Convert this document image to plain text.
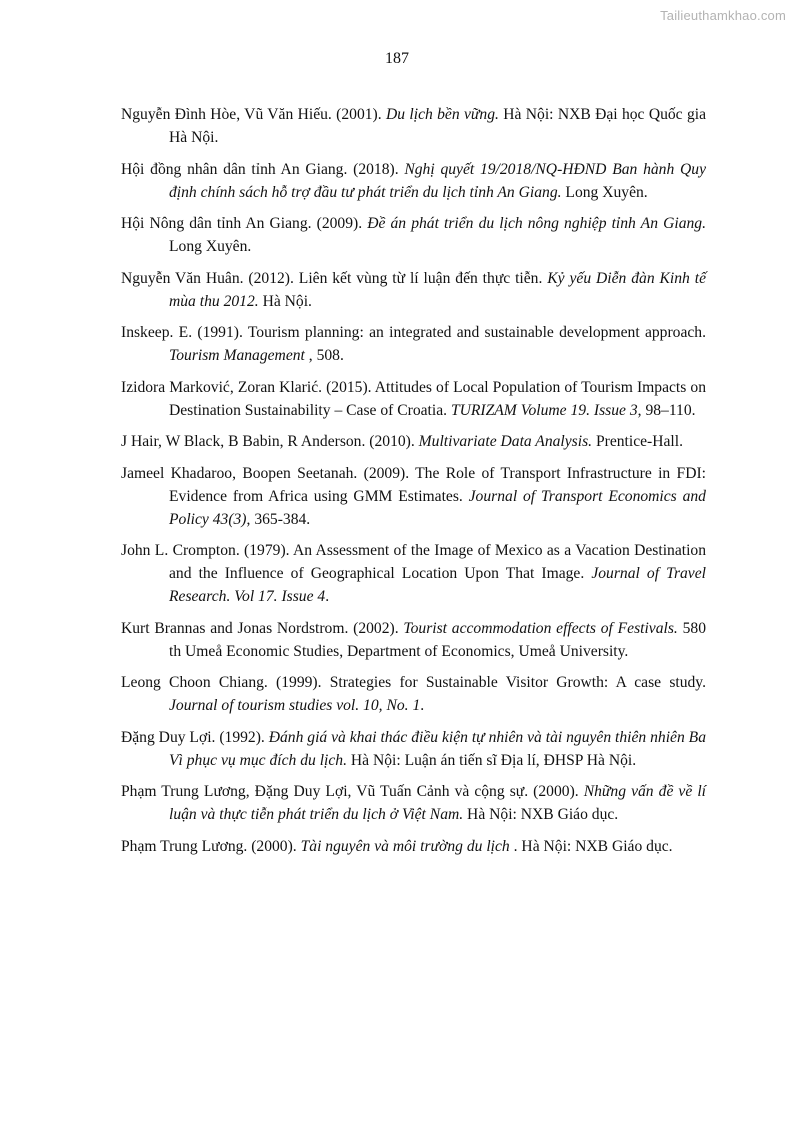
Tailieuthamkhao.com
187
Nguyễn Đình Hòe, Vũ Văn Hiếu. (2001). Du lịch bền vững. Hà Nội: NXB Đại học Quốc gia Hà Nội.
Hội đồng nhân dân tỉnh An Giang. (2018). Nghị quyết 19/2018/NQ-HĐND Ban hành Quy định chính sách hỗ trợ đầu tư phát triển du lịch tỉnh An Giang. Long Xuyên.
Hội Nông dân tỉnh An Giang. (2009). Đề án phát triển du lịch nông nghiệp tỉnh An Giang. Long Xuyên.
Nguyễn Văn Huân. (2012). Liên kết vùng từ lí luận đến thực tiễn. Kỷ yếu Diễn đàn Kinh tế mùa thu 2012. Hà Nội.
Inskeep. E. (1991). Tourism planning: an integrated and sustainable development approach. Tourism Management , 508.
Izidora Marković, Zoran Klarić. (2015). Attitudes of Local Population of Tourism Impacts on Destination Sustainability – Case of Croatia. TURIZAM Volume 19. Issue 3, 98–110.
J Hair, W Black, B Babin, R Anderson. (2010). Multivariate Data Analysis. Prentice-Hall.
Jameel Khadaroo, Boopen Seetanah. (2009). The Role of Transport Infrastructure in FDI: Evidence from Africa using GMM Estimates. Journal of Transport Economics and Policy 43(3), 365-384.
John L. Crompton. (1979). An Assessment of the Image of Mexico as a Vacation Destination and the Influence of Geographical Location Upon That Image. Journal of Travel Research. Vol 17. Issue 4.
Kurt Brannas and Jonas Nordstrom. (2002). Tourist accommodation effects of Festivals. 580 th Umeå Economic Studies, Department of Economics, Umeå University.
Leong Choon Chiang. (1999). Strategies for Sustainable Visitor Growth: A case study. Journal of tourism studies vol. 10, No. 1.
Đặng Duy Lợi. (1992). Đánh giá và khai thác điều kiện tự nhiên và tài nguyên thiên nhiên Ba Vì phục vụ mục đích du lịch. Hà Nội: Luận án tiến sĩ Địa lí, ĐHSP Hà Nội.
Phạm Trung Lương, Đặng Duy Lợi, Vũ Tuấn Cảnh và cộng sự. (2000). Những vấn đề về lí luận và thực tiễn phát triển du lịch ở Việt Nam. Hà Nội: NXB Giáo dục.
Phạm Trung Lương. (2000). Tài nguyên và môi trường du lịch . Hà Nội: NXB Giáo dục.
